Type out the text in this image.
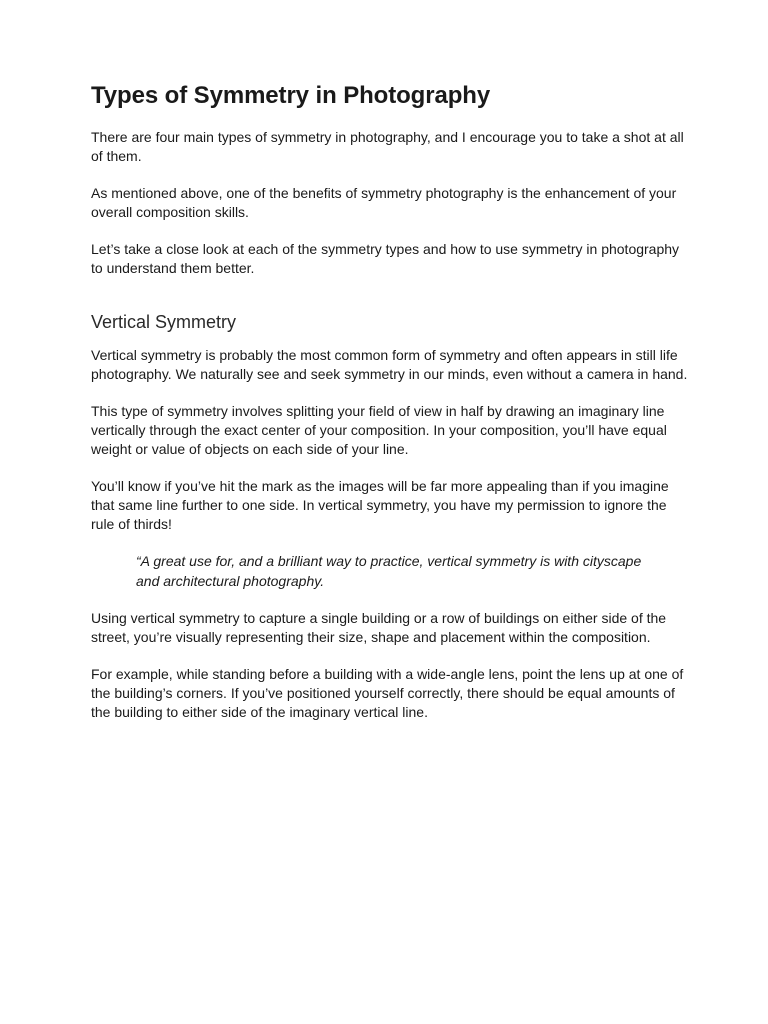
Types of Symmetry in Photography

There are four main types of symmetry in photography, and I encourage you to take a shot at all of them.

As mentioned above, one of the benefits of symmetry photography is the enhancement of your overall composition skills.

Let’s take a close look at each of the symmetry types and how to use symmetry in photography to understand them better.

Vertical Symmetry

Vertical symmetry is probably the most common form of symmetry and often appears in still life photography. We naturally see and seek symmetry in our minds, even without a camera in hand.

This type of symmetry involves splitting your field of view in half by drawing an imaginary line vertically through the exact center of your composition. In your composition, you’ll have equal weight or value of objects on each side of your line.

You’ll know if you’ve hit the mark as the images will be far more appealing than if you imagine that same line further to one side. In vertical symmetry, you have my permission to ignore the rule of thirds!

“A great use for, and a brilliant way to practice, vertical symmetry is with cityscape and architectural photography.

Using vertical symmetry to capture a single building or a row of buildings on either side of the street, you’re visually representing their size, shape and placement within the composition.

For example, while standing before a building with a wide-angle lens, point the lens up at one of the building’s corners. If you’ve positioned yourself correctly, there should be equal amounts of the building to either side of the imaginary vertical line.
